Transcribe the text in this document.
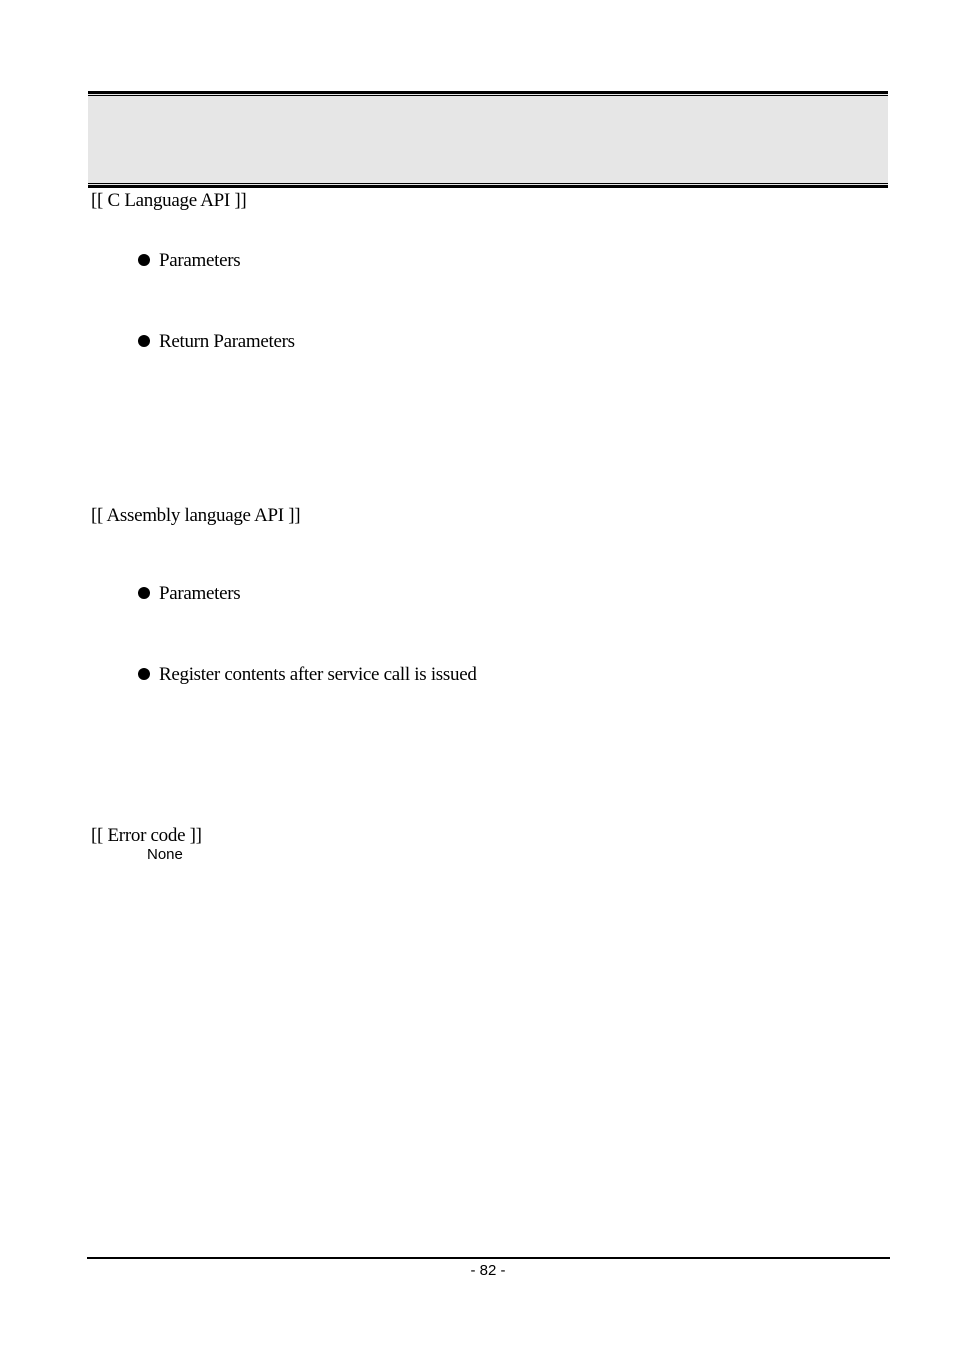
[[ C Language API ]]
Parameters
Return Parameters
[[ Assembly language API ]]
Parameters
Register contents after service call is issued
[[ Error code ]]
None
- 82 -
